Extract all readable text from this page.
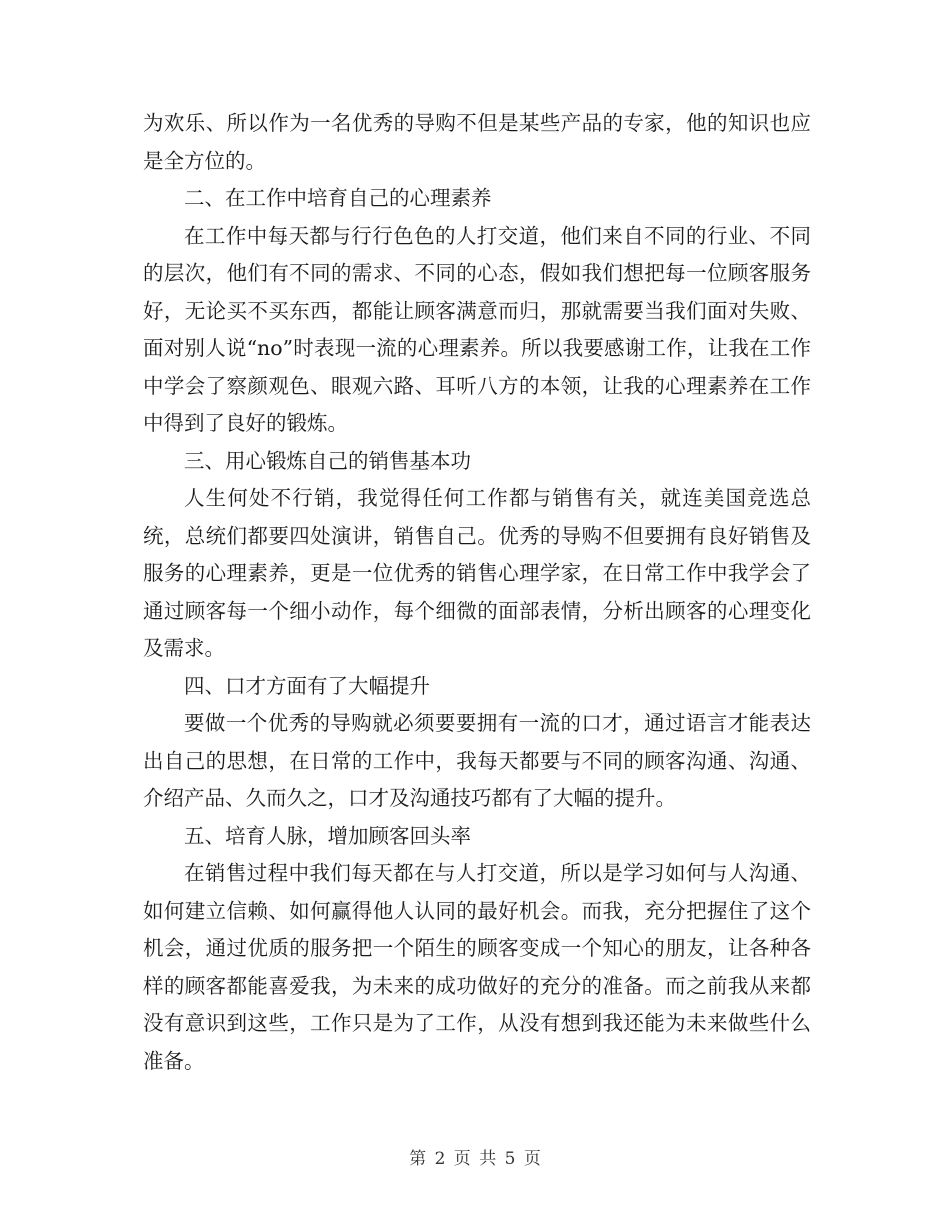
为欢乐、所以作为一名优秀的导购不但是某些产品的专家，他的知识也应是全方位的。

二、在工作中培育自己的心理素养

在工作中每天都与行行色色的人打交道，他们来自不同的行业、不同的层次，他们有不同的需求、不同的心态，假如我们想把每一位顾客服务好，无论买不买东西，都能让顾客满意而归，那就需要当我们面对失败、面对别人说“no”时表现一流的心理素养。所以我要感谢工作，让我在工作中学会了察颜观色、眼观六路、耳听八方的本领，让我的心理素养在工作中得到了良好的锻炼。

三、用心锻炼自己的销售基本功

人生何处不行销，我觉得任何工作都与销售有关，就连美国竞选总统，总统们都要四处演讲，销售自己。优秀的导购不但要拥有良好销售及服务的心理素养，更是一位优秀的销售心理学家，在日常工作中我学会了通过顾客每一个细小动作，每个细微的面部表情，分析出顾客的心理变化及需求。

四、口才方面有了大幅提升

要做一个优秀的导购就必须要要拥有一流的口才，通过语言才能表达出自己的思想，在日常的工作中，我每天都要与不同的顾客沟通、沟通、介绍产品、久而久之，口才及沟通技巧都有了大幅的提升。

五、培育人脉，增加顾客回头率

在销售过程中我们每天都在与人打交道，所以是学习如何与人沟通、如何建立信赖、如何赢得他人认同的最好机会。而我，充分把握住了这个机会，通过优质的服务把一个陌生的顾客变成一个知心的朋友，让各种各样的顾客都能喜爱我，为未来的成功做好的充分的准备。而之前我从来都没有意识到这些，工作只是为了工作，从没有想到我还能为未来做些什么准备。

第 2 页 共 5 页
